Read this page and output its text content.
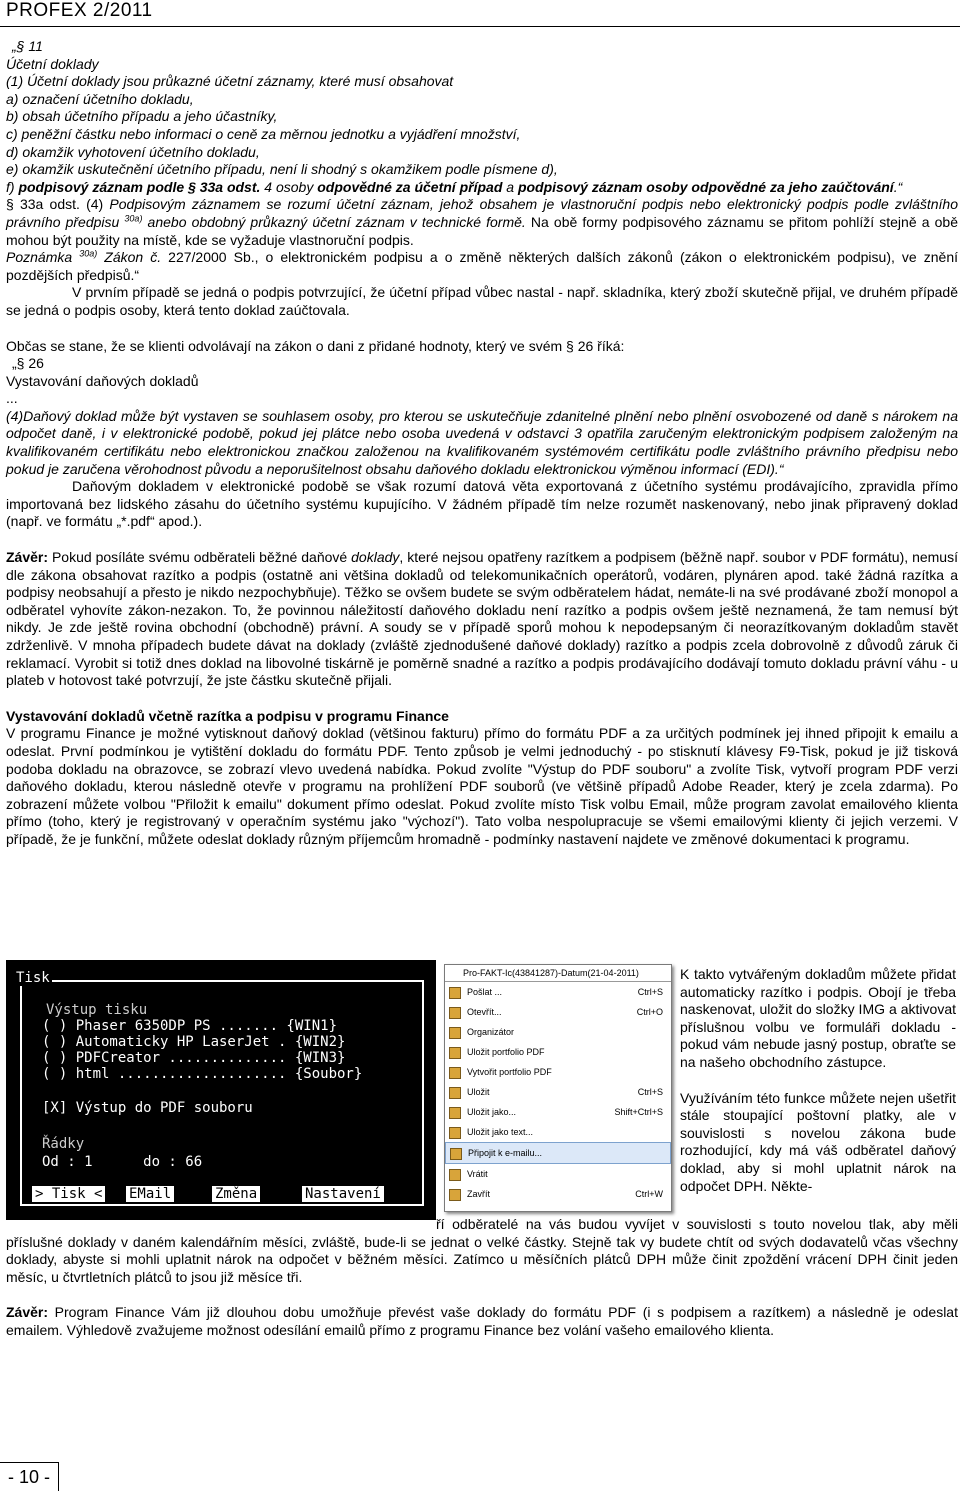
PROFEX 2/2011

„§ 11

Účetní doklady

(1) Účetní doklady jsou průkazné účetní záznamy, které musí obsahovat

a) označení účetního dokladu,

b) obsah účetního případu a jeho účastníky,

c) peněžní částku nebo informaci o ceně za měrnou jednotku a vyjádření množství,

d) okamžik vyhotovení účetního dokladu,

e) okamžik uskutečnění účetního případu, není li shodný s okamžikem podle písmene d),

f) podpisový záznam podle § 33a odst. 4 osoby odpovědné za účetní případ a podpisový záznam osoby odpovědné za jeho zaúčtování.“

§ 33a odst. (4) Podpisovým záznamem se rozumí účetní záznam, jehož obsahem je vlastnoruční podpis nebo elektronický podpis podle zvláštního právního předpisu $^{30a)}$ anebo obdobný průkazný účetní záznam v technické formě. Na obě formy podpisového záznamu se přitom pohlíží stejně a obě mohou být použity na místě, kde se vyžaduje vlastnoruční podpis.

Poznámka $^{30a)}$ Zákon č. 227/2000 Sb., o elektronickém podpisu a o změně některých dalších zákonů (zákon o elektronickém podpisu), ve znění pozdějších předpisů.“

V prvním případě se jedná o podpis potvrzující, že účetní případ vůbec nastal - např. skladníka, který zboží skutečně přijal, ve druhém případě se jedná o podpis osoby, která tento doklad zaúčtovala.

Občas se stane, že se klienti odvolávají na zákon o dani z přidané hodnoty, který ve svém § 26 říká:

„§ 26

Vystavování daňových dokladů

...

(4)Daňový doklad může být vystaven se souhlasem osoby, pro kterou se uskutečňuje zdanitelné plnění nebo plnění osvobozené od daně s nárokem na odpočet daně, i v elektronické podobě, pokud jej plátce nebo osoba uvedená v odstavci 3 opatřila zaručeným elektronickým podpisem založeným na kvalifikovaném certifikátu nebo elektronickou značkou založenou na kvalifikovaném systémovém certifikátu podle zvláštního právního předpisu nebo pokud je zaručena věrohodnost původu a neporušitelnost obsahu daňového dokladu elektronickou výměnou informací (EDI).“

Daňovým dokladem v elektronické podobě se však rozumí datová věta exportovaná z účetního systému prodávajícího, zpravidla přímo importovaná bez lidského zásahu do účetního systému kupujícího. V žádném případě tím nelze rozumět naskenovaný, nebo jinak připravený doklad (např. ve formátu „*.pdf“ apod.).

Závěr: Pokud posíláte svému odběrateli běžné daňové doklady, které nejsou opatřeny razítkem a podpisem (běžně např. soubor v PDF formátu), nemusí dle zákona obsahovat razítko a podpis (ostatně ani většina dokladů od telekomunikačních operátorů, vodáren, plynáren apod. také žádná razítka a podpisy neobsahují a přesto je nikdo nezpochybňuje). Těžko se ovšem budete se svým odběratelem hádat, nemáte-li na své prodávané zboží monopol a odběratel vyhovíte zákon-nezakon. To, že povinnou náležitostí daňového dokladu není razítko a podpis ovšem ještě neznamená, že tam nemusí být nikdy. Je zde ještě rovina obchodní (obchodně) právní. A soudy se v případě sporů mohou k nepodepsaným či neorazítkovaným dokladům stavět zdrženlivě. V mnoha případech budete dávat na doklady (zvláště zjednodušené daňové doklady) razítko a podpis zcela dobrovolně z důvodů záruk či reklamací. Vyrobit si totiž dnes doklad na libovolné tiskárně je poměrně snadné a razítko a podpis prodávajícího dodávají tomuto dokladu právní váhu - u plateb v hotovost také potvrzují, že jste částku skutečně přijali.

Vystavování dokladů včetně razítka a podpisu v programu Finance

V programu Finance je možné vytisknout daňový doklad (většinou fakturu) přímo do formátu PDF a za určitých podmínek jej ihned připojit k emailu a odeslat. První podmínkou je vytištění dokladu do formátu PDF. Tento způsob je velmi jednoduchý - po stisknutí klávesy F9-Tisk, pokud je již tisková podoba dokladu na obrazovce, se zobrazí vlevo uvedená nabídka. Pokud zvolíte "Výstup do PDF souboru" a zvolíte Tisk, vytvoří program PDF verzi daňového dokladu, kterou následně otevře v programu na prohlížení PDF souborů (ve většině případů Adobe Reader, který je zcela zdarma). Po zobrazení můžete volbou "Přiložit k emailu" dokument přímo odeslat. Pokud zvolíte místo Tisk volbu Email, může program zavolat emailového klienta přímo (toho, který je registrovaný v operačním systému jako "výchozí"). Tato volba nespolupracuje se všemi emailovými klienty či jejich verzemi. V případě, že je funkční, můžete odeslat doklady různým příjemcům hromadně - podmínky nastavení najdete ve změnové dokumentaci k programu.

Tisk
Výstup tisku
( ) Phaser 6350DP PS ....... {WIN1}
( ) Automaticky HP LaserJet . {WIN2}
( ) PDFCreator .............. {WIN3}
( ) html .................... {Soubor}
[X] Výstup do PDF souboru
Řádky
Od : 1      do : 66
> Tisk < EMail	Změna	Nastavení
Pro-FAKT-Ic(43841287)-Datum(21-04-2011)
Pošlat ...	Ctrl+S
Otevřít...	Ctrl+O
Organizátor
Uložit portfolio PDF
Vytvořit portfolio PDF
Uložit	Ctrl+S
Uložit jako...	Shift+Ctrl+S
Uložit jako text...
Připojit k e-mailu...
Vrátit
Zavřít	Ctrl+W

K takto vytvářeným dokladům můžete přidat automaticky razítko i podpis. Obojí je třeba naskenovat, uložit do složky IMG a aktivovat příslušnou volbu ve formuláři dokladu - pokud vám nebude jasný postup, obraťte se na našeho obchodního zástupce.

Využíváním této funkce můžete nejen ušetřit stále stoupající poštovní platky, ale v souvislosti s novelou zákona bude rozhodující, kdy má váš odběratel daňový doklad, aby si mohl uplatnit nárok na odpočet DPH. Někte-

ří odběratelé na vás budou vyvíjet v souvislosti s touto novelou tlak, aby měli příslušné doklady v daném kalendářním měsíci, zvláště, bude-li se jednat o velké částky. Stejně tak vy budete chtít od svých dodavatelů včas všechny doklady, abyste si mohli uplatnit nárok na odpočet v běžném měsíci. Zatímco u měsíčních plátců DPH může činit zpoždění vrácení DPH činit jeden měsíc, u čtvrtletních plátců to jsou již měsíce tři.

Závěr: Program Finance Vám již dlouhou dobu umožňuje převést vaše doklady do formátu PDF (i s podpisem a razítkem) a následně je odeslat emailem. Výhledově zvažujeme možnost odesílání emailů přímo z programu Finance bez volání vašeho emailového klienta.

- 10 -
